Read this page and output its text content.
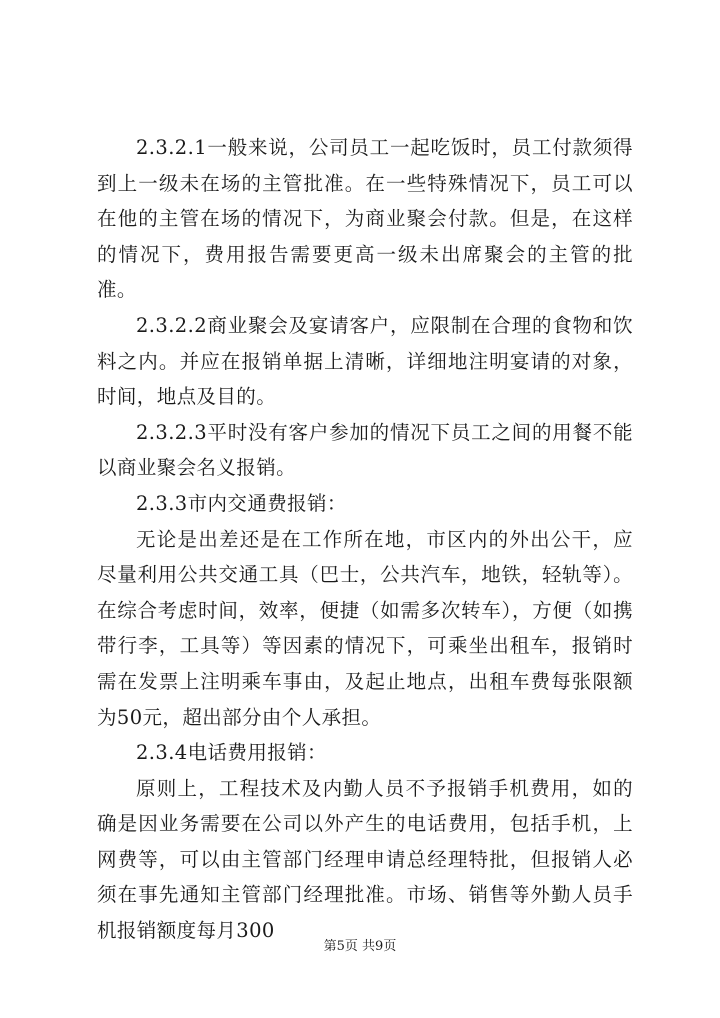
2.3.2.1一般来说，公司员工一起吃饭时，员工付款须得到上一级未在场的主管批准。在一些特殊情况下，员工可以在他的主管在场的情况下，为商业聚会付款。但是，在这样的情况下，费用报告需要更高一级未出席聚会的主管的批准。

2.3.2.2商业聚会及宴请客户，应限制在合理的食物和饮料之内。并应在报销单据上清晰，详细地注明宴请的对象，时间，地点及目的。

2.3.2.3平时没有客户参加的情况下员工之间的用餐不能以商业聚会名义报销。

2.3.3市内交通费报销：

无论是出差还是在工作所在地，市区内的外出公干，应尽量利用公共交通工具（巴士，公共汽车，地铁，轻轨等）。在综合考虑时间，效率，便捷（如需多次转车），方便（如携带行李，工具等）等因素的情况下，可乘坐出租车，报销时需在发票上注明乘车事由，及起止地点，出租车费每张限额为50元，超出部分由个人承担。

2.3.4电话费用报销：

原则上，工程技术及内勤人员不予报销手机费用，如的确是因业务需要在公司以外产生的电话费用，包括手机，上网费等，可以由主管部门经理申请总经理特批，但报销人必须在事先通知主管部门经理批准。市场、销售等外勤人员手机报销额度每月300

第5页 共9页
